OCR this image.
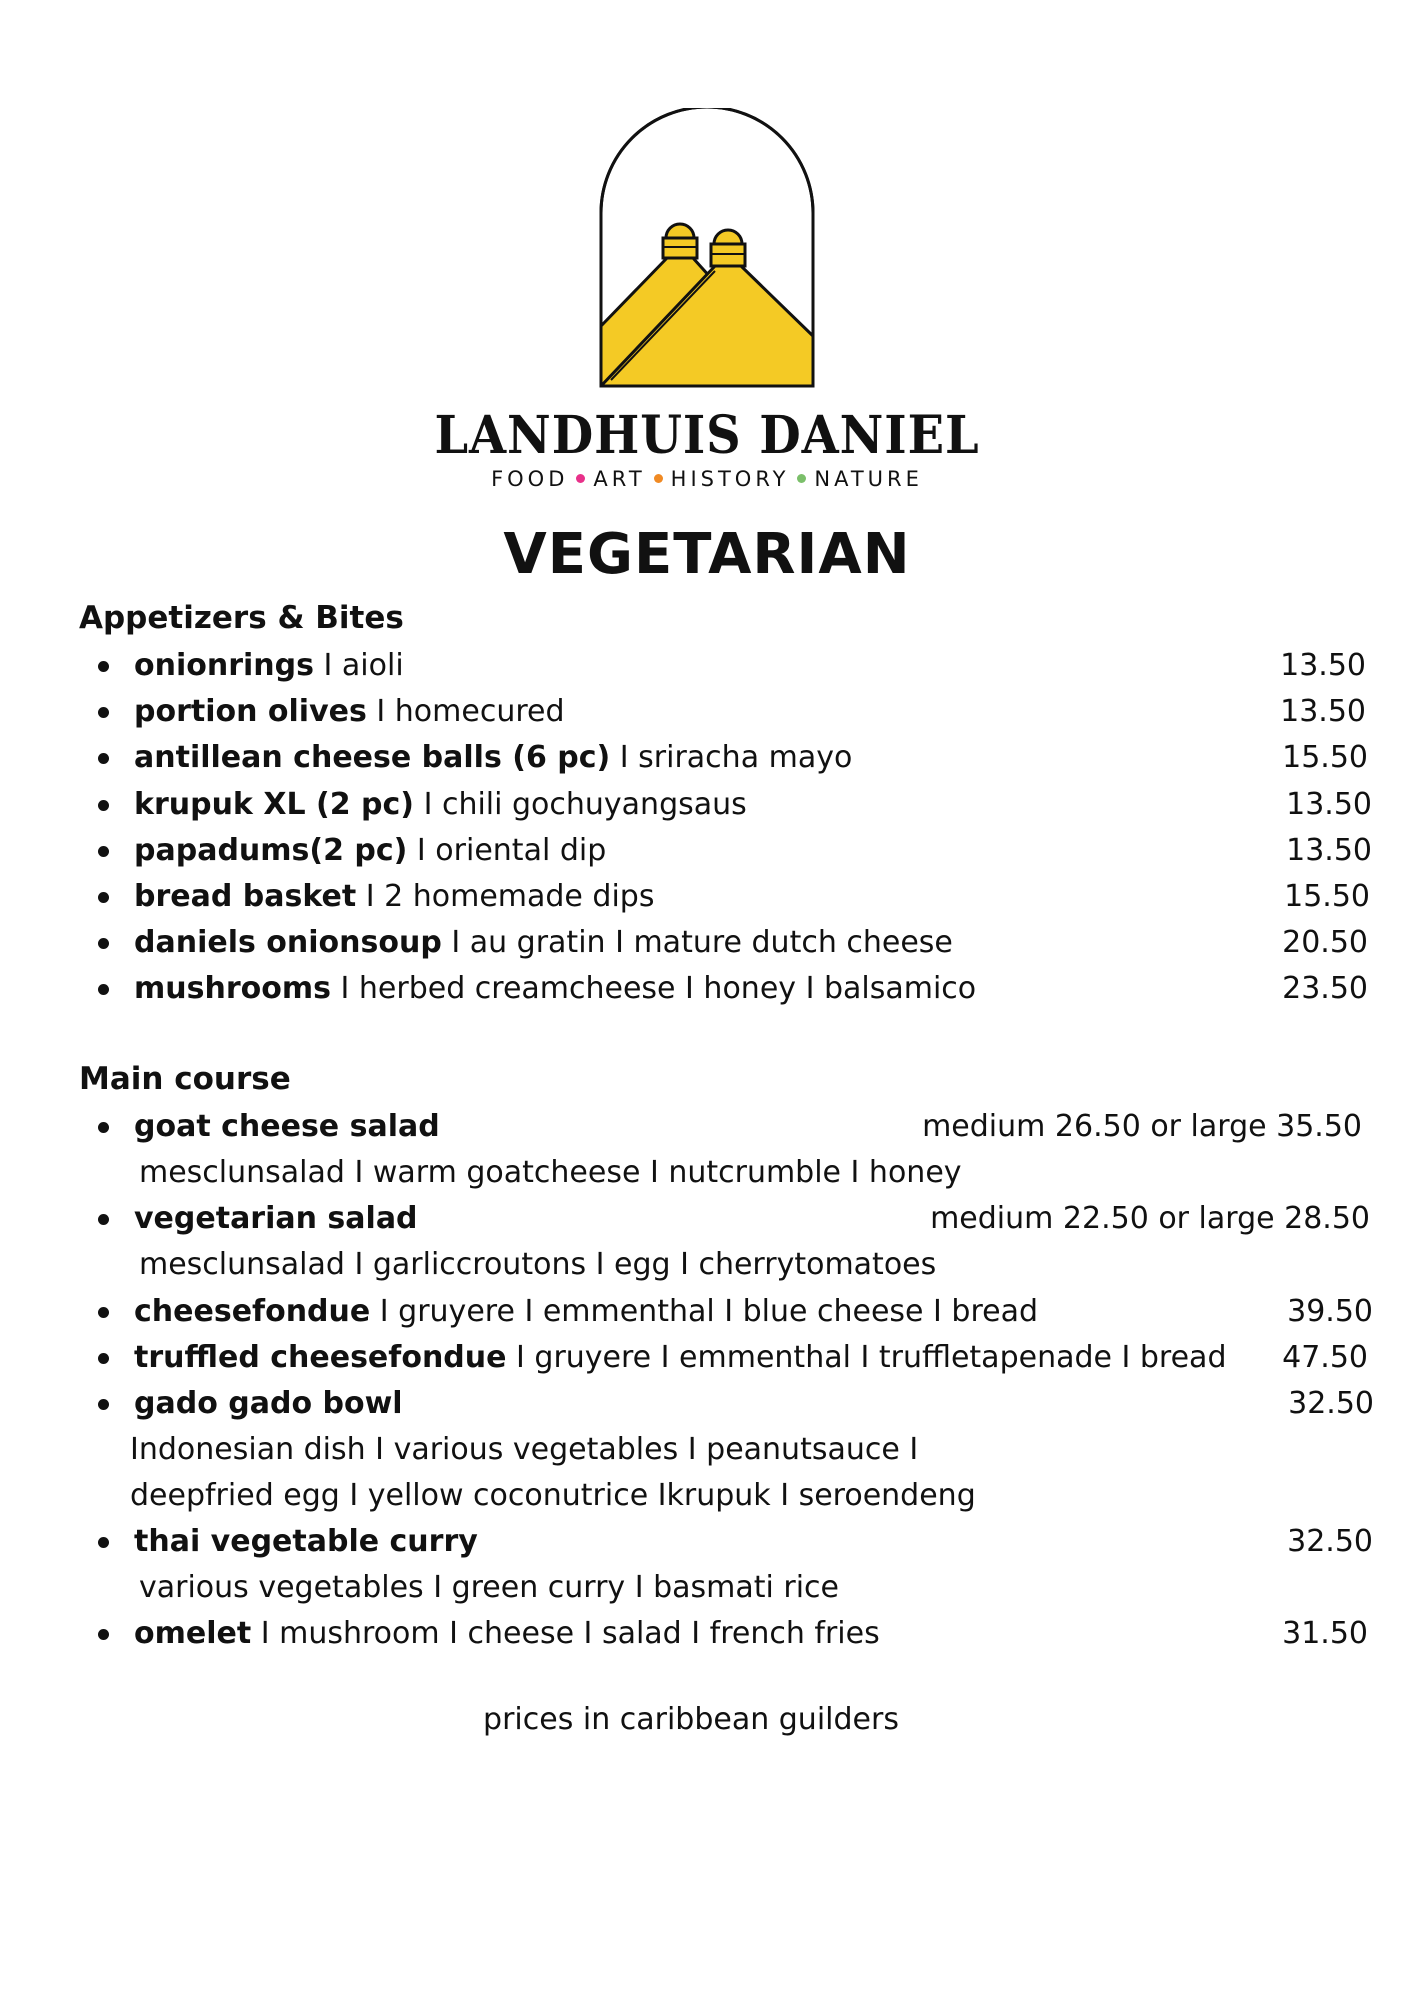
LANDHUIS DANIEL
FOOD ART HISTORY NATURE
VEGETARIAN
Appetizers & Bites
onionrings I aioli	13.50
portion olives I homecured	13.50
antillean cheese balls (6 pc) I sriracha mayo	15.50
krupuk XL (2 pc) I chili gochuyangsaus	13.50
papadums(2 pc) I oriental dip	13.50
bread basket I 2 homemade dips	15.50
daniels onionsoup I au gratin I mature dutch cheese	20.50
mushrooms I herbed creamcheese I honey I balsamico	23.50
Main course
goat cheese salad	medium 26.50 or large 35.50
mesclunsalad I warm goatcheese I nutcrumble I honey
vegetarian salad	medium 22.50 or large 28.50
mesclunsalad I garliccroutons I egg I cherrytomatoes
cheesefondue I gruyere I emmenthal I blue cheese I bread	39.50
truffled cheesefondue I gruyere I emmenthal I truffletapenade I bread 47.50
gado gado bowl	32.50
Indonesian dish I various vegetables I peanutsauce I
deepfried egg I yellow coconutrice Ikrupuk I seroendeng
thai vegetable curry	32.50
various vegetables I green curry I basmati rice
omelet I mushroom I cheese I salad I french fries	31.50
prices in caribbean guilders
